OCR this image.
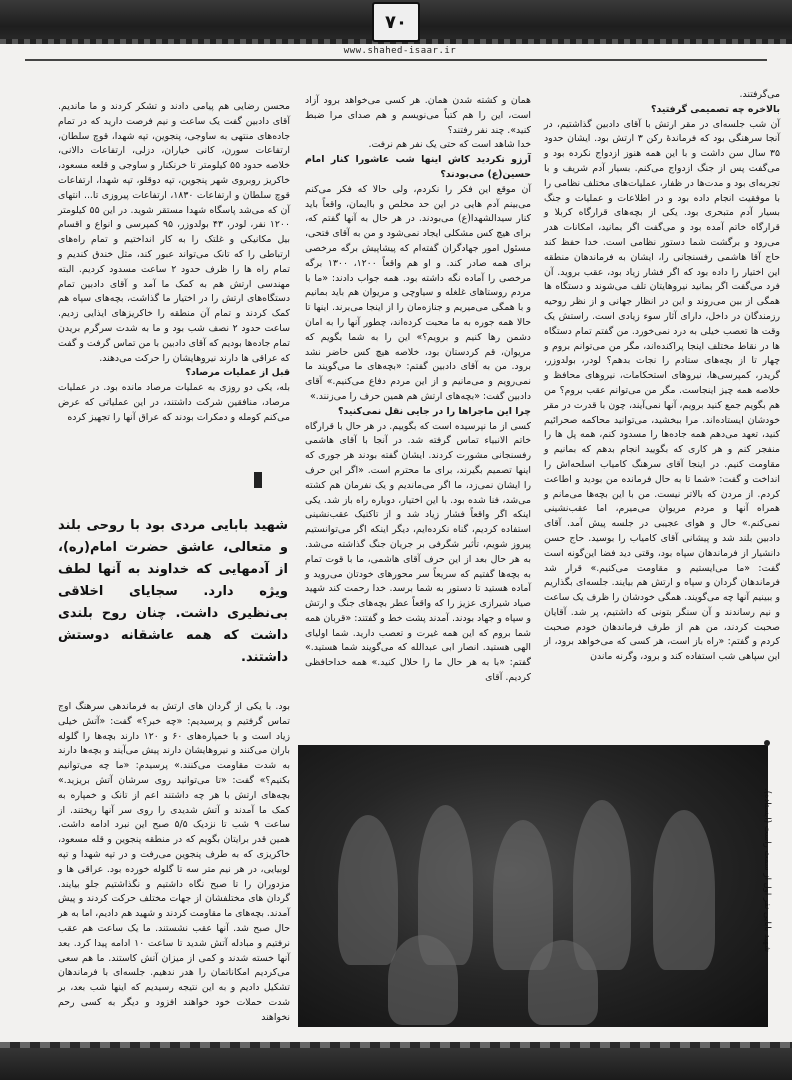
۷۰
www.shahed-isaar.ir

می‌گرفتند.

بالاخره چه تصمیمی گرفتید؟

آن شب جلسه‌ای در مقر ارتش با آقای دادبین گذاشتیم، در آنجا سرهنگی بود که فرماندهٔ رکن ۳ ارتش بود. ایشان حدود ۳۵ سال سن داشت و با این همه هنوز ازدواج نکرده بود و می‌گفت پس از جنگ ازدواج می‌کنم. بسیار آدم شریف و با تجربه‌ای بود و مدت‌ها در ظفار، عملیات‌های مختلف نظامی را با موفقیت انجام داده بود و در اطلاعات و عملیات و جنگ بسیار آدم متبحری بود. یکی از بچه‌های قرارگاه کربلا و قرارگاه خاتم آمده بود و می‌گفت اگر بمانید، امکانات هدر می‌رود و برگشت شما دستور نظامی است. خدا حفظ کند حاج آقا هاشمی رفسنجانی را، ایشان به فرماندهان منطقه این اختیار را داده بود که اگر فشار زیاد بود، عقب بروید. آن فرد می‌گفت اگر بمانید نیروهایتان تلف می‌شوند و دستگاه ها همگی از بین می‌روند و این در انظار جهانی و از نظر روحیه رزمندگان در داخل، دارای آثار سوء زیادی است. راستش یک وقت ها تعصب خیلی به درد نمی‌خورد. من گفتم تمام دستگاه ها در نقاط مختلف اینجا پراکنده‌اند، مگر من می‌توانم بروم و چهار تا از بچه‌های ستادم را نجات بدهم؟ لودر، بولدوزر، گریدر، کمپرسی‌ها، نیروهای استحکامات، نیروهای محافظ و خلاصه همه چیز اینجاست. مگر من می‌توانم عقب بروم؟ من هم بگویم جمع کنید برویم، آنها نمی‌آیند، چون با قدرت در مقر خودشان ایستاده‌اند. مرا ببخشید، می‌توانید محاکمه صحرائیم کنید، تعهد می‌دهم همه جاده‌ها را مسدود کنم، همه پل ها را منفجر کنم و هر کاری که بگویید انجام بدهم که بمانیم و مقاومت کنیم. در اینجا آقای سرهنگ کامیاب اسلحه‌اش را انداخت و گفت: «شما تا به حال فرمانده من بودید و اطاعت کردم. از مردن که بالاتر نیست. من با این بچه‌ها می‌مانم و همراه آنها و مردم مریوان می‌میرم، اما عقب‌نشینی نمی‌کنم.» حال و هوای عجیبی در جلسه پیش آمد. آقای دادبین بلند شد و پیشانی آقای کامیاب را بوسید. حاج حسن دانشیار از فرماندهان سپاه بود، وقتی دید فضا این‌گونه است گفت: «ما می‌ایستیم و مقاومت می‌کنیم.» قرار شد فرماندهان گردان و سپاه و ارتش هم بیایند. جلسه‌ای بگذاریم و ببینیم آنها چه می‌گویند. همگی خودشان را ظرف یک ساعت و نیم رساندند و آن سنگر بتونی که داشتیم، پر شد. آقایان صحبت کردند، من هم از طرف فرماندهان خودم صحبت کردم و گفتم: «راه باز است، هر کسی که می‌خواهد برود، از این سپاهی شب استفاده کند و برود، وگرنه ماندن

همان و کشته شدن همان. هر کسی می‌خواهد برود آزاد است، این را هم کتباً می‌نویسم و هم صدای مرا ضبط کنید». چند نفر رفتند؟

خدا شاهد است که حتی یک نفر هم نرفت.

آرزو نکردید کاش اینها شب عاشورا کنار امام حسین(ع) می‌بودند؟

آن موقع این فکر را نکردم، ولی حالا که فکر می‌کنم می‌بینم آدم هایی در این حد مخلص و باایمان، واقعاً باید کنار سیدالشهدا(ع) می‌بودند. در هر حال به آنها گفتم که، برای هیچ کس مشکلی ایجاد نمی‌شود و من به آقای فتحی، مسئول امور جهادگران گفته‌ام که پیشاپیش برگه مرخصی برای همه صادر کند. و او هم واقعاً ۱۲۰۰، ۱۳۰۰ برگه مرخصی را آماده نگه داشته بود. همه جواب دادند: «ما با مردم روستاهای غلغله و سیاوچی و مریوان هم باید بمانیم و با همگی می‌میریم و جنازه‌مان را از اینجا می‌برند. اینها تا حالا همه جوره به ما محبت کرده‌اند، چطور آنها را به امان دشمن رها کنیم و برویم؟» این را به شما بگویم که مریوان، قم کردستان بود، خلاصه هیچ کس حاضر نشد برود. من به آقای دادبین گفتم: «بچه‌های ما می‌گویند ما نمی‌رویم و می‌مانیم و از این مردم دفاع می‌کنیم.» آقای دادبین گفت: «بچه‌های ارتش هم همین حرف را می‌زنند.»

چرا این ماجراها را در جایی نقل نمی‌کنید؟

کسی از ما نپرسیده است که بگوییم. در هر حال با قرارگاه خاتم الانبیاء تماس گرفته شد. در آنجا با آقای هاشمی رفسنجانی مشورت کردند. ایشان گفته بودند هر جوری که اینها تصمیم بگیرند، برای ما محترم است. «اگر این حرف را ایشان نمی‌زد، ما اگر می‌ماندیم و یک نفرمان هم کشته می‌شد، فنا شده بود. با این اختیار، دوباره راه باز شد. یکی اینکه اگر واقعاً فشار زیاد شد و از تاکتیک عقب‌نشینی استفاده کردیم، گناه نکرده‌ایم، دیگر اینکه اگر می‌توانستیم پیروز شویم، تأثیر شگرفی بر جریان جنگ گذاشته می‌شد. به هر حال بعد از این حرف آقای هاشمی، ما با قوت تمام به بچه‌ها گفتیم که سریعاً سر محورهای خودتان می‌روید و آماده هستید تا دستور به شما برسد. خدا رحمت کند شهید صیاد شیرازی عزیز را که واقعاً عطر بچه‌های جنگ و ارتش و سپاه و جهاد بودند. آمدند پشت خط و گفتند: «قربان همه شما بروم که این همه غیرت و تعصب دارید. شما اولیای الهی هستید. انصار ابی عبدالله که می‌گویند شما هستید.» گفتم: «با به هر حال ما را حلال کنید.» همه خداحافظی کردیم. آقای

محسن رضایی هم پیامی دادند و تشکر کردند و ما ماندیم. آقای دادبین گفت یک ساعت و نیم فرصت دارید که در تمام جاده‌های منتهی به ساوجی، پنجوین، تپه شهدا، قوچ سلطان، ارتفاعات سورن، کانی خیاران، دزلی، ارتفاعات دالانی، خلاصه حدود ۵۵ کیلومتر تا خرنکنار و ساوجی و قلعه مسعود، خاکریز روبروی شهر پنجوین، تپه دوقلو، تپه شهدا، ارتفاعات قوچ سلطان و ارتفاعات ۱۸۳۰، ارتفاعات پیروزی تا... انتهای آن که می‌شد پاسگاه شهدا مستقر شوید. در این ۵۵ کیلومتر ۱۲۰۰ نفر، لودر، ۴۳ بولدوزر، ۹۵ کمپرسی و انواع و اقسام بیل مکانیکی و غلتک را به کار انداختیم و تمام راه‌های ارتباطی را که تانک می‌تواند عبور کند، مثل خندق کندیم و تمام راه ها را ظرف حدود ۲ ساعت مسدود کردیم. البته مهندسی ارتش هم به کمک ما آمد و آقای دادبین تمام دستگاه‌های ارتش را در اختیار ما گذاشت، بچه‌های سپاه هم کمک کردند و تمام آن منطقه را خاکریزهای ایذایی زدیم. ساعت حدود ۲ نصف شب بود و ما به شدت سرگرم بریدن تمام جاده‌ها بودیم که آقای دادبین با من تماس گرفت و گفت که عراقی ها دارند نیروهایشان را حرکت می‌دهند.

قبل از عملیات مرصاد؟

بله، یکی دو روزی به عملیات مرصاد مانده بود. در عملیات مرصاد، منافقین شرکت داشتند، در این عملیاتی که عرض می‌کنم کومله و دمکرات بودند که عراق آنها را تجهیز کرده

شهید بابایی مردی بود با روحی بلند و متعالی، عاشق حضرت امام(ره)، از آدمهایی که خداوند به آنها لطف ویژه دارد. سجایای اخلاقی بی‌نظیری داشت. چنان روح بلندی داشت که همه عاشقانه دوستش داشتند.

بود. با یکی از گردان های ارتش به فرماندهی سرهنگ اوج تماس گرفتیم و پرسیدیم: «چه خبر؟» گفت: «آتش خیلی زیاد است و با خمپاره‌های ۶۰ و ۱۲۰ دارند بچه‌ها را گلوله باران می‌کنند و نیروهایشان دارند پیش می‌آیند و بچه‌ها دارند به شدت مقاومت می‌کنند.» پرسیدم: «ما چه می‌توانیم بکنیم؟» گفت: «تا می‌توانید روی سرشان آتش بریزید.» بچه‌های ارتش با هر چه داشتند اعم از تانک و خمپاره به کمک ما آمدند و آتش شدیدی را روی سر آنها ریختند. از ساعت ۹ شب تا نزدیک ۵/۵ صبح این نبرد ادامه داشت. همین قدر برایتان بگویم که در منطقه پنجوین و قله مسعود، خاکریزی که به طرف پنجوین می‌رفت و در تپه شهدا و تپه لوبیایی، در هر نیم متر سه تا گلوله خورده بود. عراقی ها و مزدوران را تا صبح نگاه داشتیم و نگذاشتیم جلو بیایند. گردان های مختلفشان از جهات مختلف حرکت کردند و پیش آمدند. بچه‌های ما مقاومت کردند و شهید هم دادیم، اما به هر حال صبح شد. آنها عقب نشستند. ما یک ساعت هم عقب نرفتیم و مبادله آتش شدید تا ساعت ۱۰ ادامه پیدا کرد. بعد آنها خسته شدند و کمی از میزان آتش کاستند. ما هم سعی می‌کردیم امکاناتمان را هدر ندهیم. جلسه‌ای با فرماندهان تشکیل دادیم و به این نتیجه رسیدیم که اینها شب بعد، بر شدت حملات خود خواهند افزود و دیگر به کسی رحم نخواهند

شهید بابایی نفر اول از سمت راست (ایستاده).
